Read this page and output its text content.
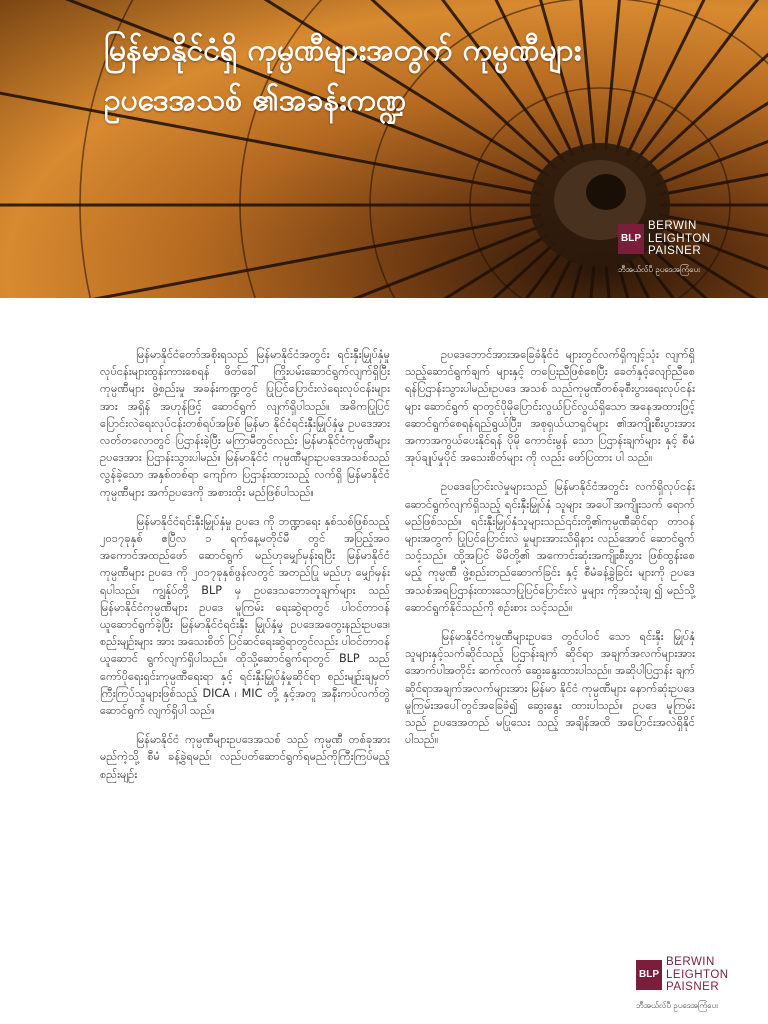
မြန်မာနိုင်ငံရှိ ကုမ္ပဏီများအတွက် ကုမ္ပဏီများ
ဥပဒေအသစ် ၏အခန်းကဏ္ဍ
BLP
BERWIN
LEIGHTON
PAISNER
ဘီအယ်လ်ပီ ဥပဒေအကြံပေး

မြန်မာနိုင်ငံတော်အစိုးရသည် မြန်မာနိုင်ငံအတွင်း ရင်းနှီးမြှုပ်နှံမှုလုပ်ငန်းများထွန်းကားစေရန် ဖိတ်ခေါ် ကြိုးပမ်းဆောင်ရွက်လျက်ရှိပြီး ကုမ္ပဏီများ ဖွဲ့စည်းမှု အခန်းကဏ္ဍတွင် ပြုပြင်ပြောင်းလဲရေးလုပ်ငန်းများအား အရှိန် အဟုန်ဖြင့် ဆောင်ရွက် လျက်ရှိပါသည်။ အဓိကပြုပြင်ပြောင်းလဲရေးလုပ်ငန်းတစ်ရပ်အဖြစ် မြန်မာ နိုင်ငံရင်းနှီးမြှုပ်နှံမှု ဥပဒေအား လတ်တလောတွင် ပြဌာန်းခဲ့ပြီး မကြာမီတွင်လည်း မြန်မာနိုင်ငံကုမ္ပဏီများ ဥပဒေအား ပြဌာန်းသွားပါမည်။ မြန်မာနိုင်ငံ ကုမ္ပဏီများဥပဒေအသစ်သည်လွန်ခဲ့သော အနှစ်တစ်ရာ ကျော်က ပြဌာန်းထားသည့် လက်ရှိ မြန်မာနိုင်ငံ ကုမ္ပဏီများ အက်ဥပဒေကို အစားထိုး မည်ဖြစ်ပါသည်။

မြန်မာနိုင်ငံရင်းနှီးမြှုပ်နှံမှု ဥပဒေ ကို ဘဏ္ဍာရေး နှစ်သစ်ဖြစ်သည့် ၂၀၁၇ခုနှစ် ဧပြီလ ၁ ရက်နေ့မတိုင်မီ တွင် အပြည့်အဝ အကောင်အထည်ဖော် ဆောင်ရွက် မည်ဟုမျှော်မှန်းရပြီး မြန်မာနိုင်ငံ ကုမ္ပဏီများ ဥပဒေ ကို ၂၀၁၇ခုနှစ်ဖွန်လတွင် အတည်ပြု မည်ဟု မျှော်မှန်း ရပါသည်။ ကျွန်ုပ်တို့ BLP မှ ဥပဒေသဘောတူချက်များ သည် မြန်မာနိုင်ငံကုမ္ပဏီများ ဥပဒေ မူကြမ်း ရေးဆွဲရာတွင် ပါဝင်တာဝန်ယူဆောင်ရွက်ခဲ့ပြီး မြန်မာနိုင်ငံရင်းနှီး မြှုပ်နှံမှု ဥပဒေအတွေးနည်းဥပဒေ၊ စည်းမျဉ်းများ အား အသေးစိတ် ပြင်ဆင်ရေးဆွဲရာတွင်လည်း ပါဝင်တာဝန် ယူဆောင် ရွက်လျက်ရှိပါသည်။ ထိုသို့ဆောင်ရွက်ရာတွင် BLP သည် ကော်ပိုရေးရှင်းကုမ္ပဏီရေးရာ နှင့် ရင်းနှီးမြှုပ်နှံမှုဆိုင်ရာ စည်းမျဉ်းချမှတ် ကြီးကြပ်သူများဖြစ်သည့် DICA ၊ MIC တို့ နှင့်အတူ အနီးကပ်လက်တွဲ ဆောင်ရွက် လျက်ရှိပါ သည်။

မြန်မာနိုင်ငံ ကုမ္ပဏီများဥပဒေအသစ် သည် ကုမ္ပဏီ တစ်ခုအား မည်ကဲ့သို့ စီမံ ခန့်ခွဲရမည်၊ လည်ပတ်ဆောင်ရွက်ရမည်ကိုကြီးကြပ်မည့် စည်းမျဉ်း

ဥပဒေဘောင်အားအခြေခံနိုင်ငံ များတွင်လက်ရှိကျင့်သုံး လျက်ရှိသည့်ဆောင်ရွက်ချက် များနှင့် တပြေးညီဖြစ်စေပြီး ခေတ်နှင့်လျော်ညီစေရန်ပြဌာန်းသွားပါမည်။ဥပဒေ အသစ် သည်ကုမ္ပဏီတစ်ခုစီးပွားရေးလုပ်ငန်းများ ဆောင်ရွက် ရာတွင်ပိုမိုပြောင်းလွယ်ပြင်လွယ်ရှိသော အနေအထားဖြင့် ဆောင်ရွက်စေရန်ရည်ရွယ်ပြီး၊ အစုရှယ်ယာရှင်များ ၏အကျိုးစီးပွားအားအကာအကွယ်ပေးနိုင်ရန် ပိုမို ကောင်းမွန် သော ပြဌာန်းချက်များ နှင့် စီမံအုပ်ချုပ်မှုပိုင် အသေးစိတ်များ ကို လည်း ဖော်ပြထား ပါ သည်။

ဥပဒေပြောင်းလဲမှုများသည် မြန်မာနိုင်ငံအတွင်း လက်ရှိလုပ်ငန်းဆောင်ရွက်လျက်ရှိသည့် ရင်းနှီးမြှုပ်နှံ သူများ အပေါ်အကျိုးသက် ရောက်မည်ဖြစ်သည်။ ရင်းနှီးမြှုပ်နှံသူများသည်၎င်းတို့၏ကုမ္ပဏီဆိုင်ရာ တာဝန် များအတွက် ပြုပြင်ပြောင်းလဲ မှုများအားသိရှိနား လည်အောင် ဆောင်ရွက်သင့်သည်။ ထို့အပြင် မိမိတို့၏ အကောင်းဆုံးအကျိုးစီးပွား ဖြစ်ထွန်းစေမည့် ကုမ္ပဏီ ဖွဲ့စည်းတည်ဆောက်ခြင်း နှင့် စီမံခန့်ခွဲခြင်း များကို ဥပဒေအသစ်အရပြဌာန်းထားသောပြုပြင်ပြောင်းလဲ မှုများ ကိုအသုံးချ ၍ မည်သို့ဆောင်ရွက်နိုင်သည်ကို စဉ်းစား သင့်သည်။

မြန်မာနိုင်ငံကုမ္ပဏီများဥပဒေ တွင်ပါဝင် သော ရင်းနှီး မြှုပ်နှံသူများနှင့်သက်ဆိုင်သည့် ပြဌာန်းချက် ဆိုင်ရာ အချက်အလက်များအားအောက်ပါအတိုင်း ဆက်လက် ဆွေးနွေးထားပါသည်။ အဆိုပါပြဌာန်း ချက်ဆိုင်ရာအချက်အလက်များအား မြန်မာ နိုင်ငံ ကုမ္ပဏီများ နောက်ဆုံးဥပဒေမူကြမ်းအပေါ်တွင်အခြေခံ၍ ဆွေးနွေး ထားပါသည်။ ဥပဒေ မူကြမ်း သည် ဥပဒေအတည် မပြုသေး သည့် အချိန်အထိ အပြောင်းအလဲရှိနိုင်ပါသည်။

BLP
BERWIN
LEIGHTON
PAISNER
ဘီအယ်လ်ပီ ဥပဒေအကြံပေး
